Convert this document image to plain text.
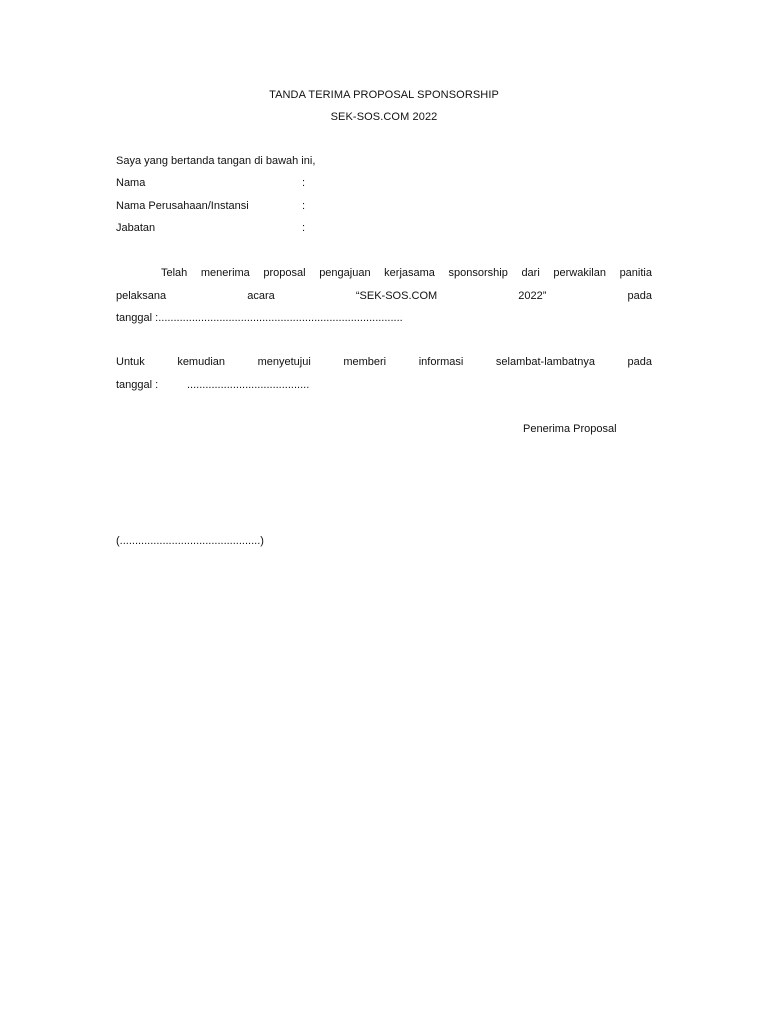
TANDA TERIMA PROPOSAL SPONSORSHIP
SEK-SOS.COM 2022
Saya yang bertanda tangan di bawah ini,
Nama	:
Nama Perusahaan/Instansi	:
Jabatan	:
Telah menerima proposal pengajuan kerjasama sponsorship dari perwakilan panitia
pelaksana	acara	“SEK-SOS.COM	2022”	pada
tanggal :................................................................................
Untuk	kemudian	menyetujui	memberi	informasi	selambat-lambatnya	pada
tanggal :	........................................
Penerima Proposal
(..............................................)
